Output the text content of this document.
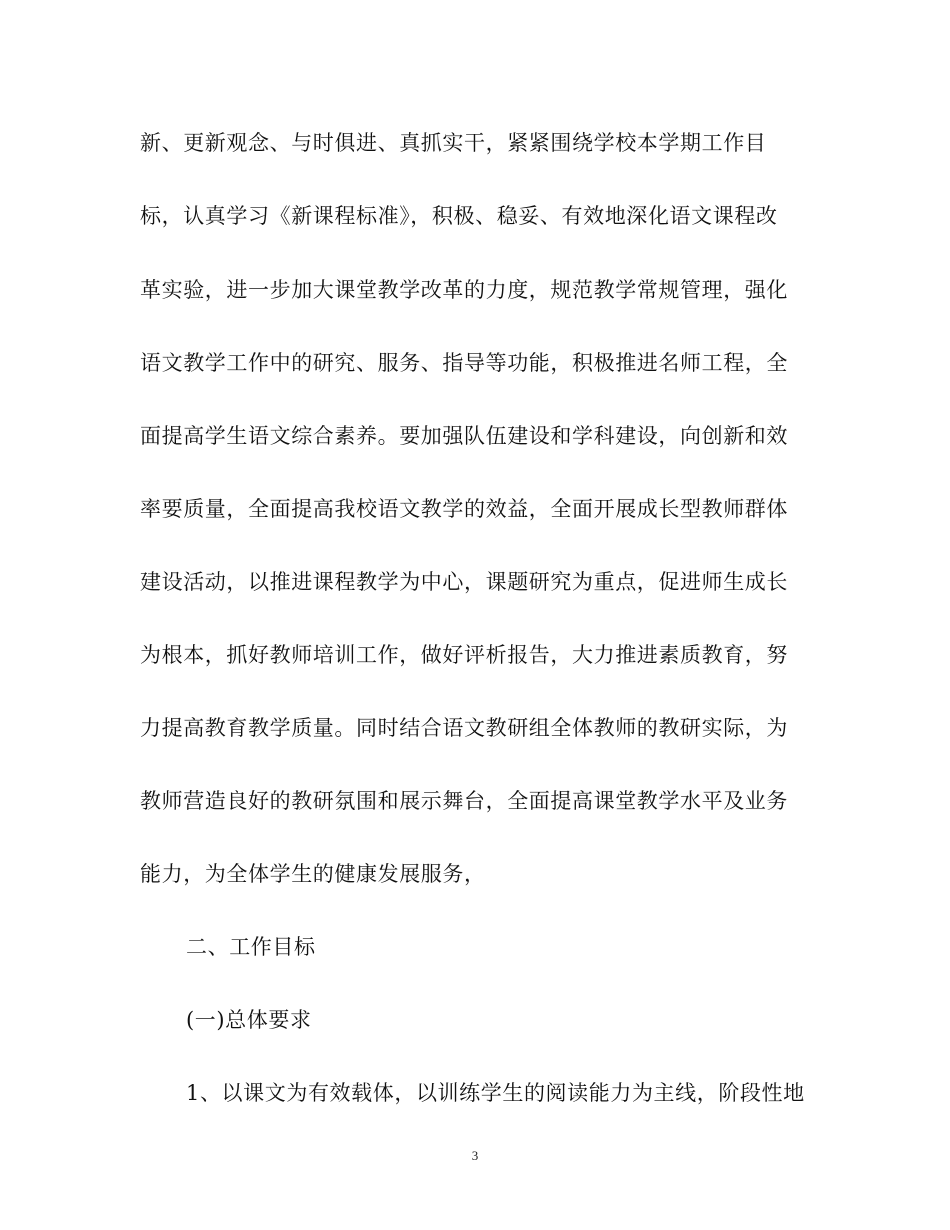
新、更新观念、与时俱进、真抓实干，紧紧围绕学校本学期工作目
标，认真学习《新课程标准》，积极、稳妥、有效地深化语文课程改
革实验，进一步加大课堂教学改革的力度，规范教学常规管理，强化
语文教学工作中的研究、服务、指导等功能，积极推进名师工程，全
面提高学生语文综合素养。要加强队伍建设和学科建设，向创新和效
率要质量，全面提高我校语文教学的效益，全面开展成长型教师群体
建设活动，以推进课程教学为中心，课题研究为重点，促进师生成长
为根本，抓好教师培训工作，做好评析报告，大力推进素质教育，努
力提高教育教学质量。同时结合语文教研组全体教师的教研实际，为
教师营造良好的教研氛围和展示舞台，全面提高课堂教学水平及业务
能力，为全体学生的健康发展服务，
二、工作目标
(一)总体要求
1、以课文为有效载体，以训练学生的阅读能力为主线，阶段性地
3
